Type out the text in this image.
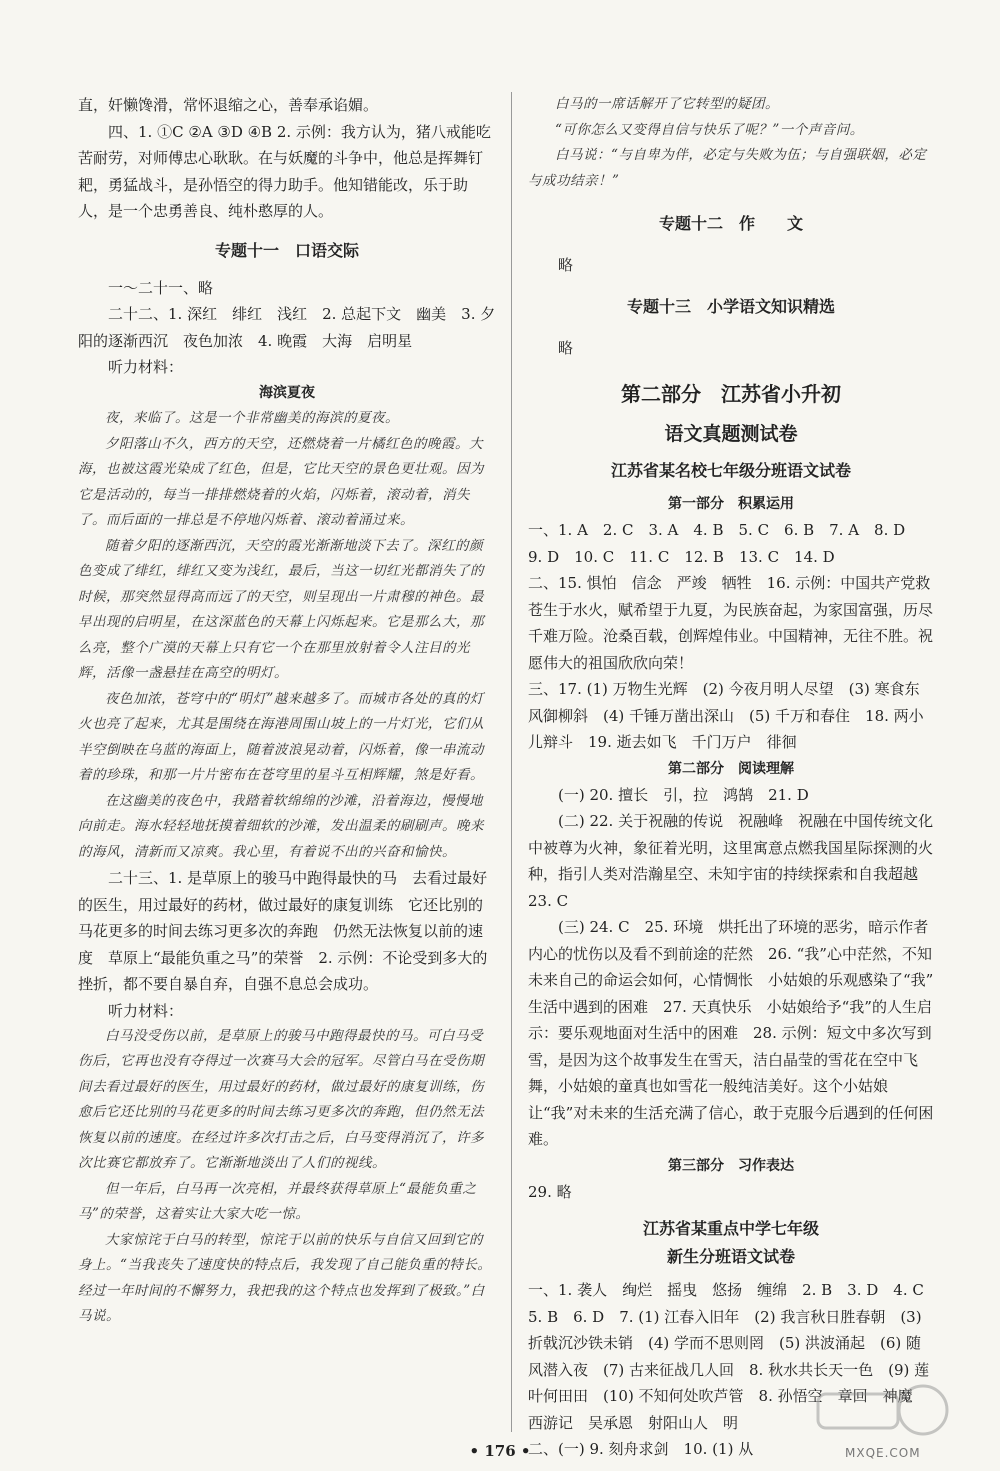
直，奸懒馋滑，常怀退缩之心，善奉承谄媚。

四、1. ①C ②A ③D ④B 2. 示例：我方认为，猪八戒能吃苦耐劳，对师傅忠心耿耿。在与妖魔的斗争中，他总是挥舞钉耙，勇猛战斗，是孙悟空的得力助手。他知错能改，乐于助人，是一个忠勇善良、纯朴憨厚的人。

专题十一　口语交际

一～二十一、略

二十二、1. 深红　绯红　浅红　2. 总起下文　幽美　3. 夕阳的逐渐西沉　夜色加浓　4. 晚霞　大海　启明星

听力材料：

海滨夏夜

夜，来临了。这是一个非常幽美的海滨的夏夜。

夕阳落山不久，西方的天空，还燃烧着一片橘红色的晚霞。大海，也被这霞光染成了红色，但是，它比天空的景色更壮观。因为它是活动的，每当一排排燃烧着的火焰，闪烁着，滚动着，消失了。而后面的一排总是不停地闪烁着、滚动着涌过来。

随着夕阳的逐渐西沉，天空的霞光渐渐地淡下去了。深红的颜色变成了绯红，绯红又变为浅红，最后，当这一切红光都消失了的时候，那突然显得高而远了的天空，则呈现出一片肃穆的神色。最早出现的启明星，在这深蓝色的天幕上闪烁起来。它是那么大，那么亮，整个广漠的天幕上只有它一个在那里放射着令人注目的光辉，活像一盏悬挂在高空的明灯。

夜色加浓，苍穹中的“明灯”越来越多了。而城市各处的真的灯火也亮了起来，尤其是围绕在海港周围山坡上的一片灯光，它们从半空倒映在乌蓝的海面上，随着波浪晃动着，闪烁着，像一串流动着的珍珠，和那一片片密布在苍穹里的星斗互相辉耀，煞是好看。

在这幽美的夜色中，我踏着软绵绵的沙滩，沿着海边，慢慢地向前走。海水轻轻地抚摸着细软的沙滩，发出温柔的刷刷声。晚来的海风，清新而又凉爽。我心里，有着说不出的兴奋和愉快。

二十三、1. 是草原上的骏马中跑得最快的马　去看过最好的医生，用过最好的药材，做过最好的康复训练　它还比别的马花更多的时间去练习更多次的奔跑　仍然无法恢复以前的速度　草原上“最能负重之马”的荣誉　2. 示例：不论受到多大的挫折，都不要自暴自弃，自强不息总会成功。

听力材料：

白马没受伤以前，是草原上的骏马中跑得最快的马。可白马受伤后，它再也没有夺得过一次赛马大会的冠军。尽管白马在受伤期间去看过最好的医生，用过最好的药材，做过最好的康复训练，伤愈后它还比别的马花更多的时间去练习更多次的奔跑，但仍然无法恢复以前的速度。在经过许多次打击之后，白马变得消沉了，许多次比赛它都放弃了。它渐渐地淡出了人们的视线。

但一年后，白马再一次亮相，并最终获得草原上“最能负重之马”的荣誉，这着实让大家大吃一惊。

大家惊诧于白马的转型，惊诧于以前的快乐与自信又回到它的身上。“当我丧失了速度快的特点后，我发现了自己能负重的特长。经过一年时间的不懈努力，我把我的这个特点也发挥到了极致。”白马说。

白马的一席话解开了它转型的疑团。

“可你怎么又变得自信与快乐了呢？”一个声音问。

白马说：“与自卑为伴，必定与失败为伍；与自强联姻，必定与成功结亲！”

专题十二　作　　文

略

专题十三　小学语文知识精选

略

第二部分　江苏省小升初

语文真题测试卷

江苏省某名校七年级分班语文试卷

第一部分　积累运用

一、1. A　2. C　3. A　4. B　5. C　6. B　7. A　8. D　9. D　10. C　11. C　12. B　13. C　14. D

二、15. 惧怕　信念　严竣　牺牲　16. 示例：中国共产党救苍生于水火，赋希望于九夏，为民族奋起，为家国富强，历尽千难万险。沧桑百载，创辉煌伟业。中国精神，无往不胜。祝愿伟大的祖国欣欣向荣！

三、17. (1) 万物生光辉　(2) 今夜月明人尽望　(3) 寒食东风御柳斜　(4) 千锤万凿出深山　(5) 千万和春住　18. 两小儿辩斗　19. 逝去如飞　千门万户　徘徊

第二部分　阅读理解

(一) 20. 擅长　引，拉　鸿鹄　21. D

(二) 22. 关于祝融的传说　祝融峰　祝融在中国传统文化中被尊为火神，象征着光明，这里寓意点燃我国星际探测的火种，指引人类对浩瀚星空、未知宇宙的持续探索和自我超越　23. C

(三) 24. C　25. 环境　烘托出了环境的恶劣，暗示作者内心的忧伤以及看不到前途的茫然　26. “我”心中茫然，不知未来自己的命运会如何，心情惆怅　小姑娘的乐观感染了“我”　生活中遇到的困难　27. 天真快乐　小姑娘给予“我”的人生启示：要乐观地面对生活中的困难　28. 示例：短文中多次写到雪，是因为这个故事发生在雪天，洁白晶莹的雪花在空中飞舞，小姑娘的童真也如雪花一般纯洁美好。这个小姑娘让“我”对未来的生活充满了信心，敢于克服今后遇到的任何困难。

第三部分　习作表达

29. 略

江苏省某重点中学七年级

新生分班语文试卷

一、1. 袭人　绚烂　摇曳　悠扬　缠绵　2. B　3. D　4. C　5. B　6. D　7. (1) 江春入旧年　(2) 我言秋日胜春朝　(3) 折戟沉沙铁未销　(4) 学而不思则罔　(5) 洪波涌起　(6) 随风潜入夜　(7) 古来征战几人回　8. 秋水共长天一色　(9) 莲叶何田田　(10) 不知何处吹芦管　8. 孙悟空　章回　神魔　西游记　吴承恩　射阳山人　明

二、(一) 9. 刻舟求剑　10. (1) 从

• 176 •	MXQE.COM
